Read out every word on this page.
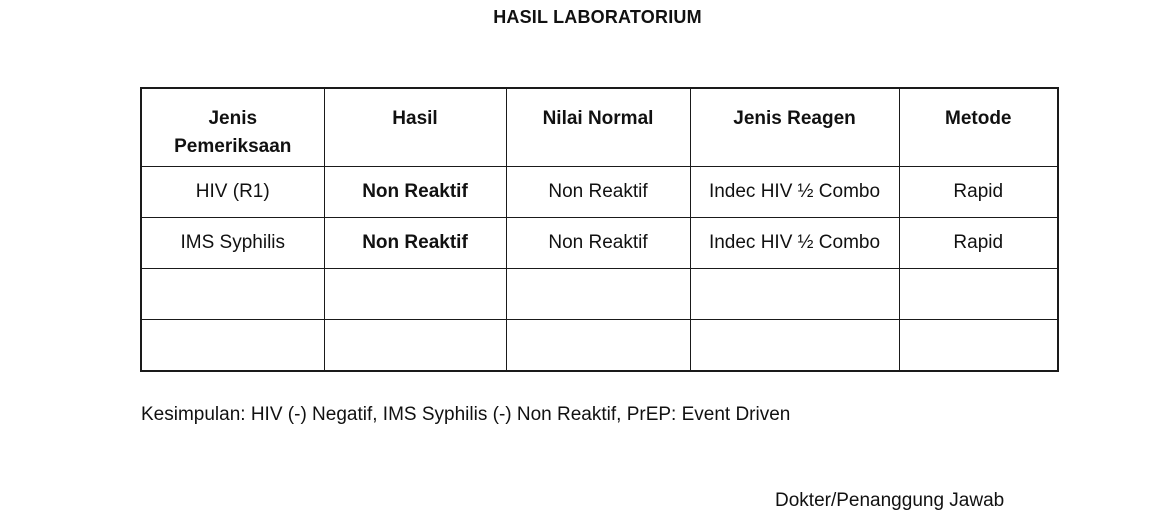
HASIL LABORATORIUM
Jenis Pemeriksaan	Hasil	Nilai Normal	Jenis Reagen	Metode
HIV (R1)	Non Reaktif	Non Reaktif	Indec HIV ½ Combo	Rapid
IMS Syphilis	Non Reaktif	Non Reaktif	Indec HIV ½ Combo	Rapid

Kesimpulan: HIV (-) Negatif, IMS Syphilis (-) Non Reaktif, PrEP: Event Driven
Dokter/Penanggung Jawab
